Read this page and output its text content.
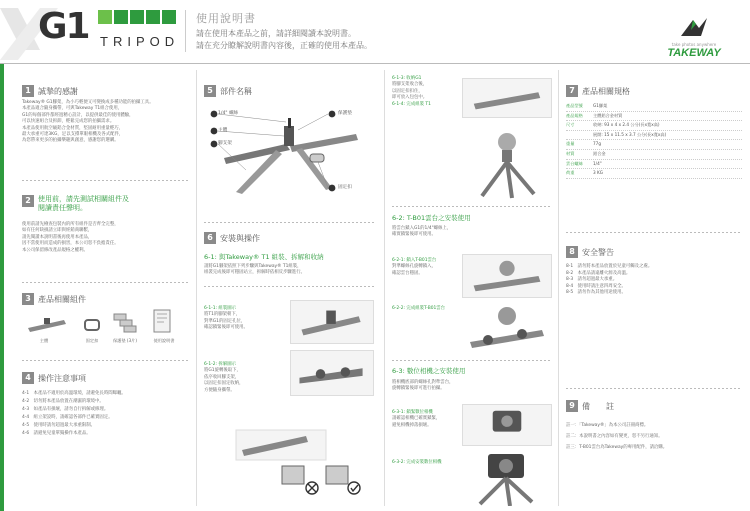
G1 TRIPOD
使用說明書
請在使用本產品之前，請詳細閱讀本說明書。
請在充分瞭解說明書內容後，正確的使用本產品。	take photos anywhere
TAKEWAY
1 誠摯的感謝
Takeway® G1腳架，為小巧輕便又可變換成多種功能的拍攝工具。
本產品適合隨身攜帶，可與Takeway T1組合使用，
G1的每個部件都經過精心設計，以提供最佳的使用體驗，
可以快速組合及拆卸，輕鬆完成您的拍攝需求。
本產品使用航空級鋁合金材質，堅固耐用重量輕巧，
最大承重可達3KG，足以支撐單眼相機及各式配件，
為您帶來更多的拍攝樂趣與創意，感謝您的選購。
2	使用前，請先測試相關組件及
閱讀責任聲明。
使用前請先檢查包裝內的所有組件是否齊全完整，
如有任何缺損請立即與經銷商聯繫，
請先閱讀本說明書後再使用本產品，
因不當使用而造成的損害，本公司恕不負擔責任。
本公司保留修改產品規格之權利。
3 產品相關組件
主體	固定扣	保護墊 (3片)	使用說明書
4 操作注意事項
4-1　本產品不適用於高溫環境，請避免長時間曝曬。
4-2　切勿將本產品放置在潮濕的環境中。
4-3　如產品有損壞，請勿自行拆解或修理。
4-4　組立架設時，請確認各部件已確實固定。
4-5　使用時請勿超過最大承重限制。
4-6　請避免兒童單獨操作本產品。
5 部件名稱
1/4" 螺絲
主體
腳支架
保護墊
固定扣
6 安裝與操作
6-1: 與Takeway® T1 組裝、拆解和收納
請將G1腳架依照下列步驟與Takeway® T1組裝，
組裝完成後即可穩固站立，拆解時依相反步驟進行。
6-1-1: 組裝圖示
將T1的腳架朝下，
對準G1的固定孔位，
確認鎖緊後即可使用。
6-1-2: 拆解圖示
將G1旋轉後取下，
依序收回腳支架，
以固定扣固定收納，
方便隨身攜帶。
6-1-3: 收納G1
將腳支架收合後，
以固定扣扣住，
即可放入包包中。
6-1-4: 完成組裝 T1
6-2: T-B01雲台之安裝使用
將雲台鎖入G1的1/4"螺絲上，
確實鎖緊後即可使用。
6-2-1: 鎖入T-B01雲台
對準螺絲孔旋轉鎖入，
確認雲台穩固。
6-2-2: 完成組裝T-B01雲台
6-3: 數位相機之安裝使用
將相機底部的螺絲孔對準雲台，
旋轉鎖緊後即可進行拍攝。
6-3-1: 鎖緊數位相機
請確認相機已確實鎖緊，
避免相機掉落損壞。
6-3-2: 完成安裝數位相機
7 產品相關規格
產品型號	G1腳架
產品規格	主體鋁合金材質
尺寸	收納: 93 x 4 x 2.4 公分(長x寬x高)
展開: 15 x 11.5 x 3.7 公分(長x寬x高)
重量	77g
材質	鋁合金
雲台螺絲	1/4"
荷重	3 KG
8 安全警告
8-1　請勿將本產品放置於兒童可觸及之處。
8-2　本產品請遠離火源及高溫。
8-3　請勿超過最大承重。
8-4　使用時請注意四周安全。
8-5　請勿作為其他用途使用。
9 備　　註
註一：「Takeway®」為本公司註冊商標。
註二：本說明書之內容如有變更，恕不另行通知。
註三：T-B01雲台為Takeway的專用配件，請洽購。
